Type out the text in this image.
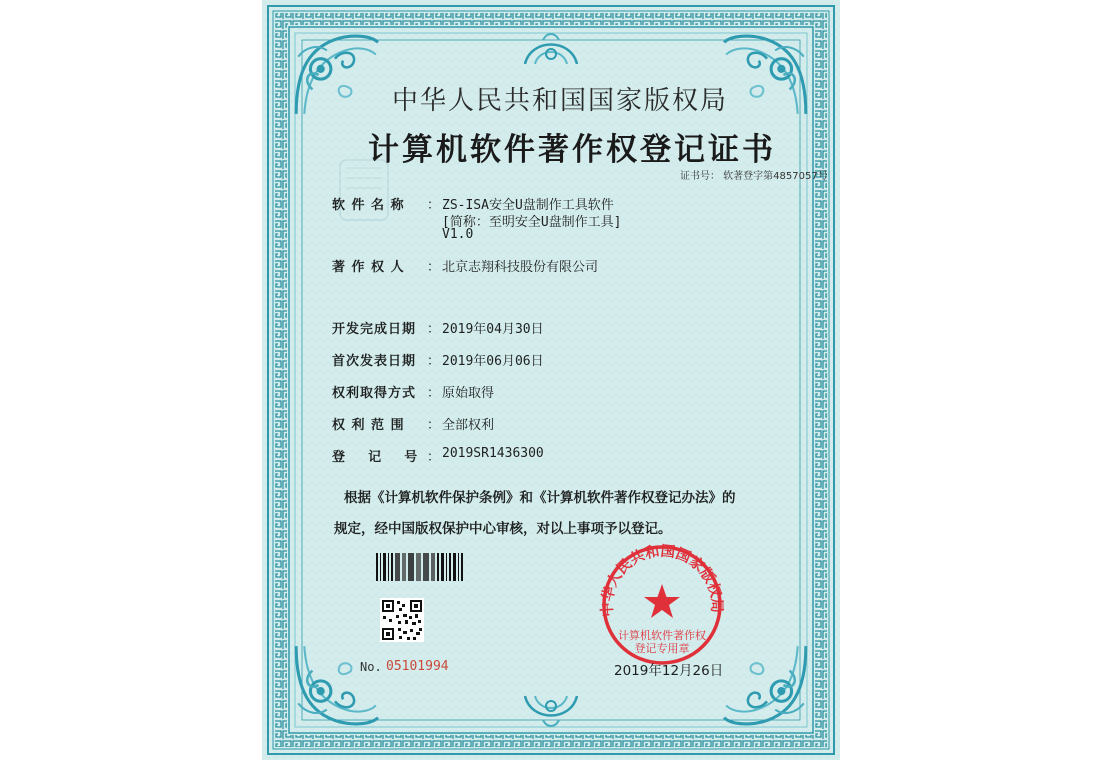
中华人民共和国国家版权局
计算机软件著作权
登记专用章
中华人民共和国国家版权局
计算机软件著作权登记证书
证书号： 软著登字第4857057号
软 件 名 称 ： ZS-ISA安全U盘制作工具软件
[简称：至明安全U盘制作工具]
V1.0
著 作 权 人 ： 北京志翔科技股份有限公司
开发完成日期 ： 2019年04月30日
首次发表日期 ： 2019年06月06日
权利取得方式 ： 原始取得
权 利 范 围 ： 全部权利
登    记    号 ： 2019SR1436300
根据《计算机软件保护条例》和《计算机软件著作权登记办法》的
规定，经中国版权保护中心审核，对以上事项予以登记。
No. 05101994	2019年12月26日
